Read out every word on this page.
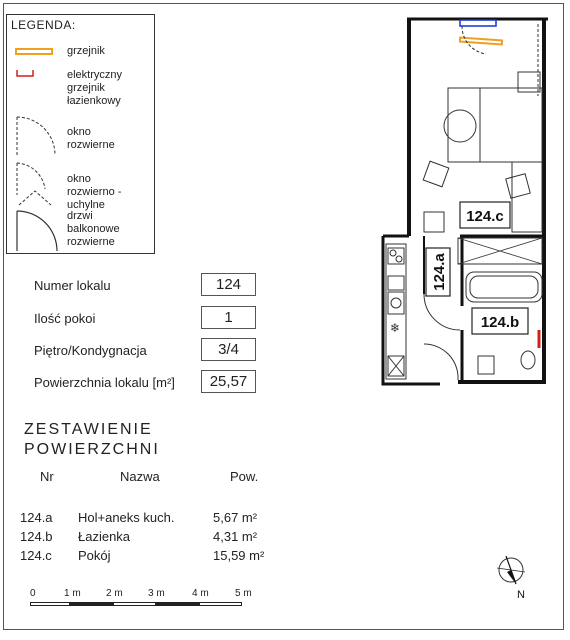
LEGENDA:
grzejnik
elektryczny
grzejnik
łazienkowy
okno
rozwierne
okno
rozwierno -
uchylne
drzwi
balkonowe
rozwierne
Numer lokalu	124
Ilość pokoi	1
Piętro/Kondygnacja	3/4
Powierzchnia lokalu [m²]	25,57
ZESTAWIENIE
POWIERZCHNI
Nr	Nazwa	Pow.
124.a Hol+aneks kuch.	5,67 m²
124.b Łazienka	4,31 m²
124.c Pokój	15,59 m²
0	1 m	2 m	3 m	4 m	5 m
❄
124.c
124.b
124.a
N
